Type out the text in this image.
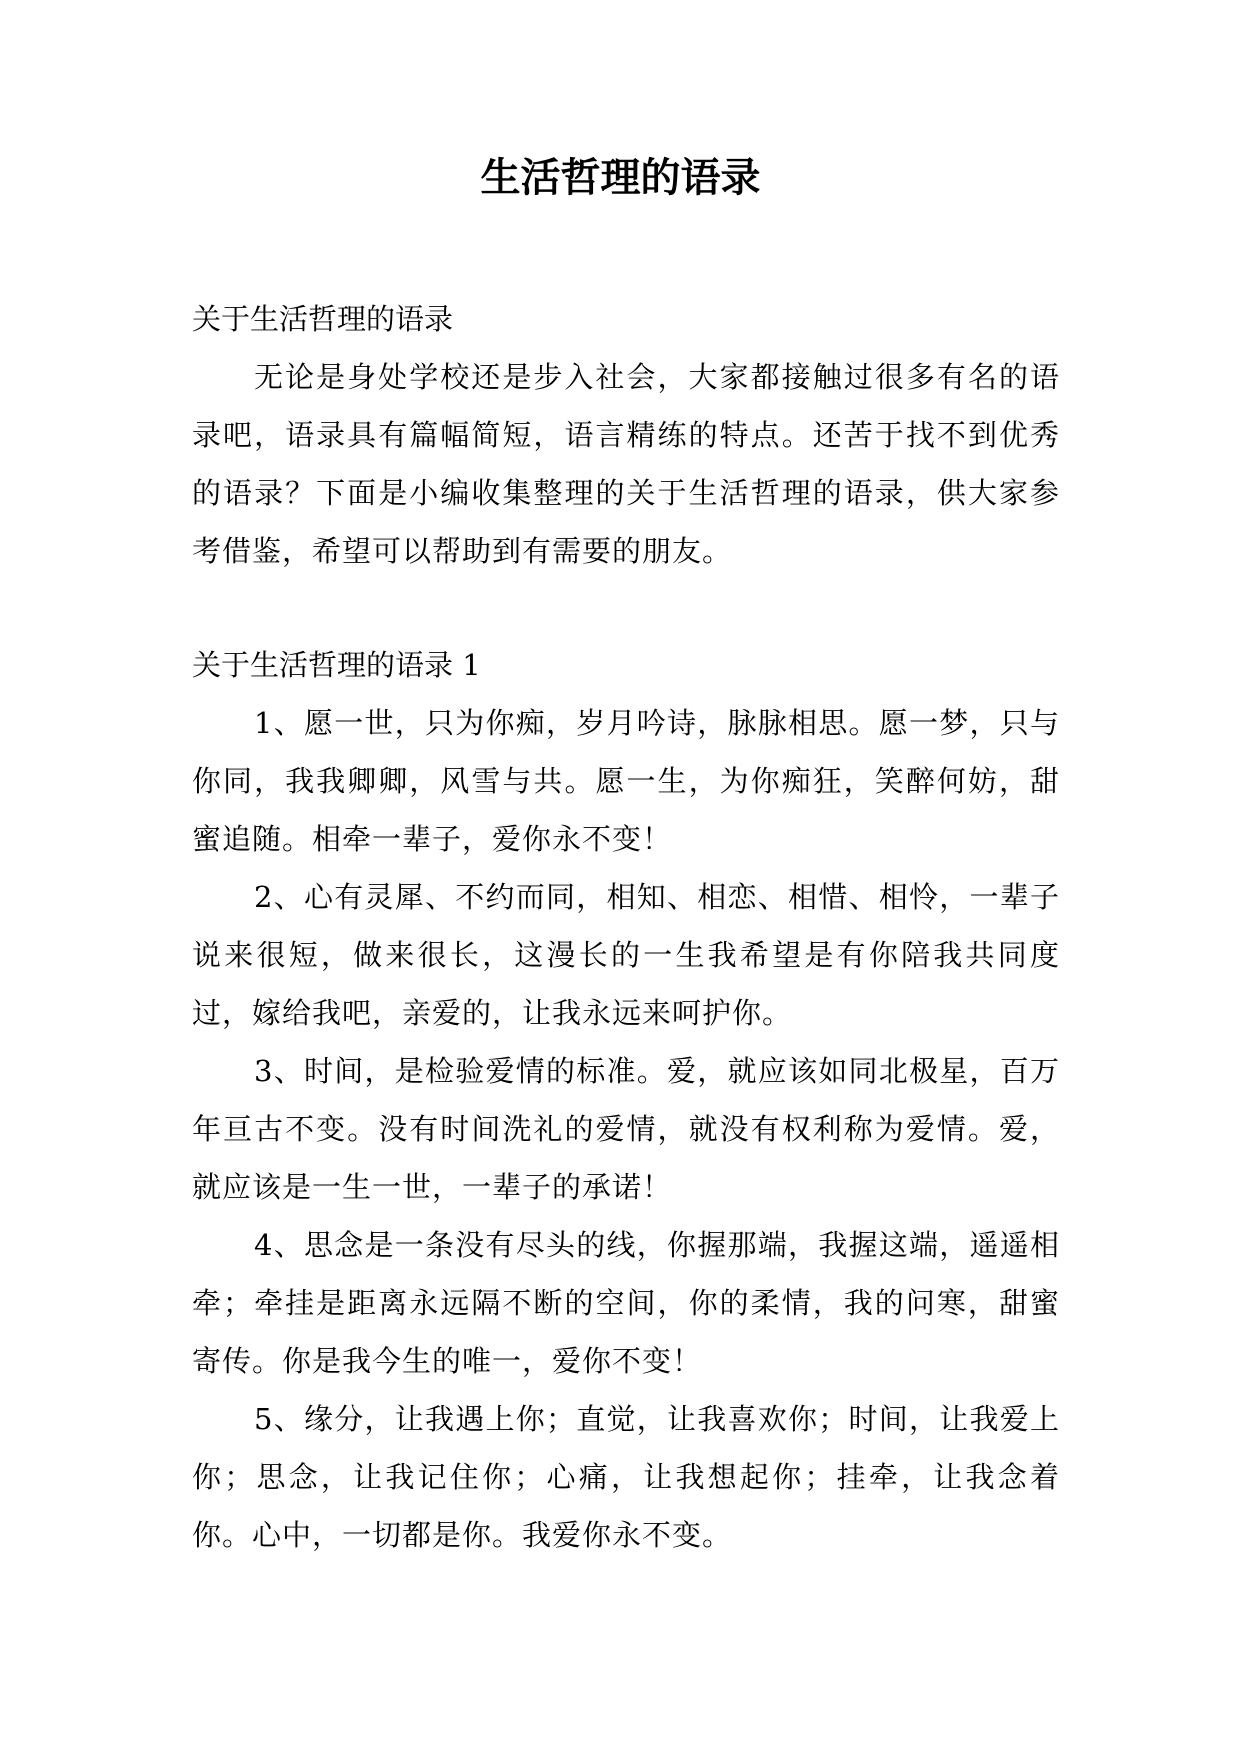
生活哲理的语录

关于生活哲理的语录

无论是身处学校还是步入社会，大家都接触过很多有名的语录吧，语录具有篇幅简短，语言精练的特点。还苦于找不到优秀的语录？下面是小编收集整理的关于生活哲理的语录，供大家参考借鉴，希望可以帮助到有需要的朋友。

关于生活哲理的语录 1

1、愿一世，只为你痴，岁月吟诗，脉脉相思。愿一梦，只与你同，我我卿卿，风雪与共。愿一生，为你痴狂，笑醉何妨，甜蜜追随。相牵一辈子，爱你永不变！

2、心有灵犀、不约而同，相知、相恋、相惜、相怜，一辈子说来很短，做来很长，这漫长的一生我希望是有你陪我共同度过，嫁给我吧，亲爱的，让我永远来呵护你。

3、时间，是检验爱情的标准。爱，就应该如同北极星，百万年亘古不变。没有时间洗礼的爱情，就没有权利称为爱情。爱，就应该是一生一世，一辈子的承诺！

4、思念是一条没有尽头的线，你握那端，我握这端，遥遥相牵；牵挂是距离永远隔不断的空间，你的柔情，我的问寒，甜蜜寄传。你是我今生的唯一，爱你不变！

5、缘分，让我遇上你；直觉，让我喜欢你；时间，让我爱上你；思念，让我记住你；心痛，让我想起你；挂牵，让我念着你。心中，一切都是你。我爱你永不变。
